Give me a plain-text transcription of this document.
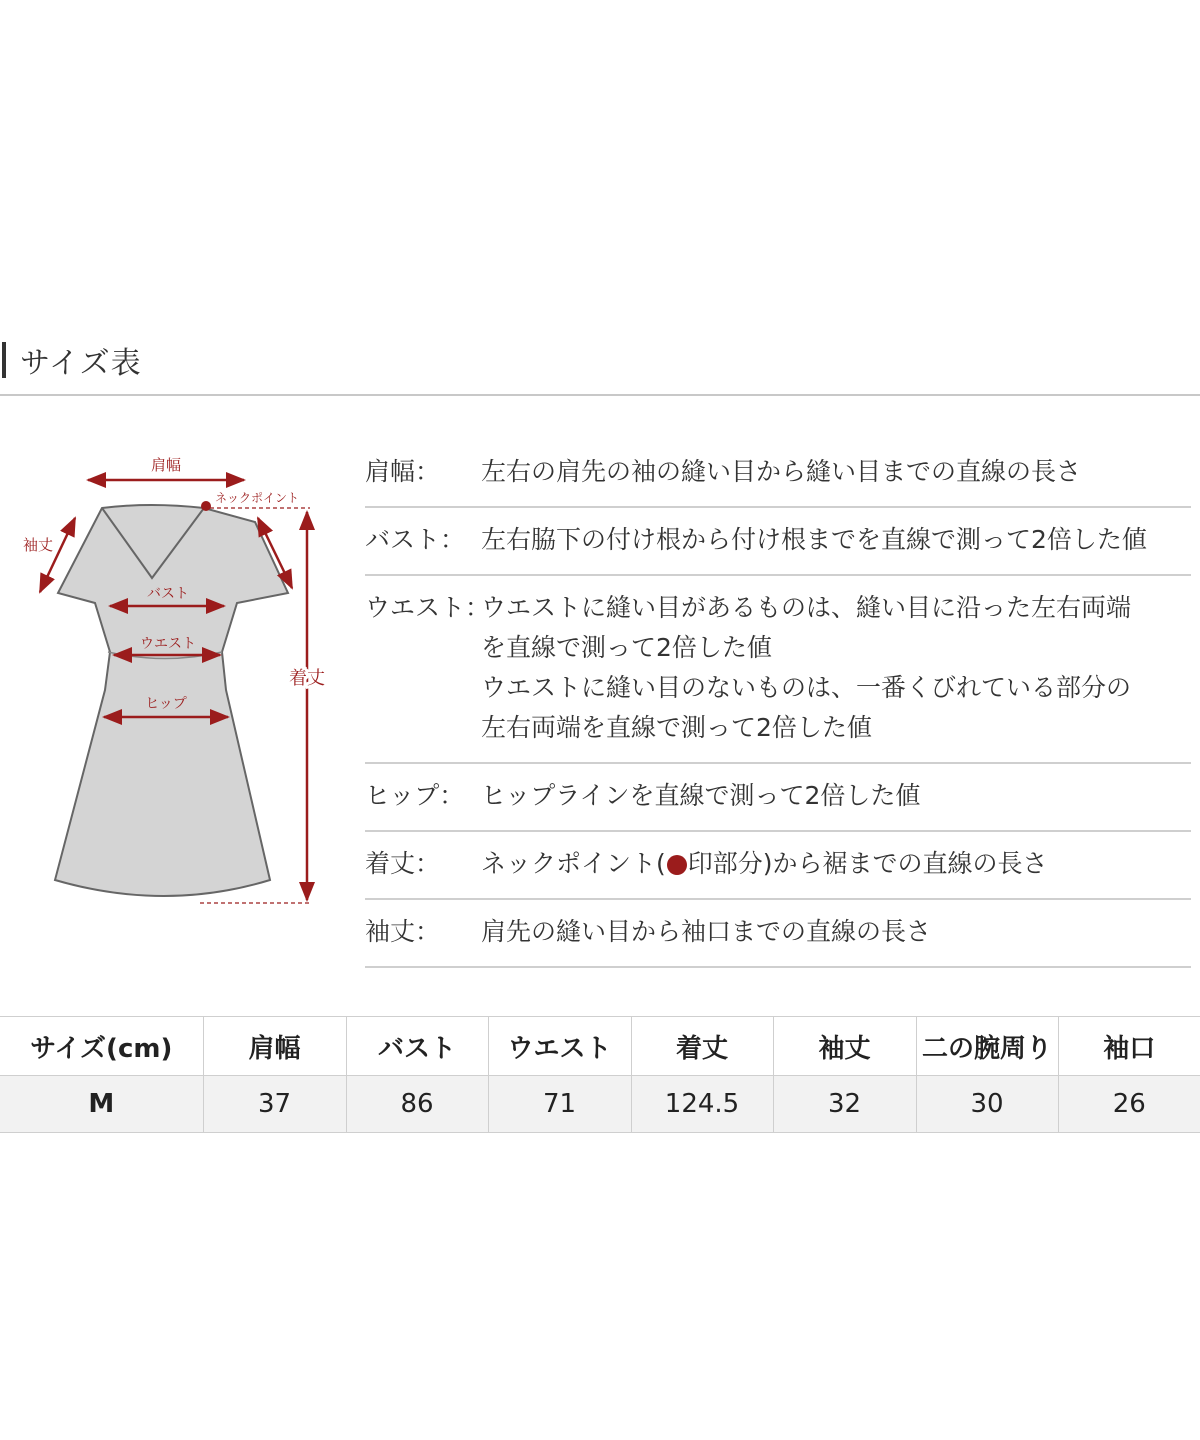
サイズ表
肩幅
ネックポイント
着丈
袖丈
バスト
ウエスト
ヒップ
肩幅：	左右の肩先の袖の縫い目から縫い目までの直線の長さ
バスト： 左右脇下の付け根から付け根までを直線で測って2倍した値
ウエスト：
ウエストに縫い目があるものは、縫い目に沿った左右両端
を直線で測って2倍した値
ウエストに縫い目のないものは、一番くびれている部分の
左右両端を直線で測って2倍した値
ヒップ： ヒップラインを直線で測って2倍した値
着丈：	ネックポイント( 印部分)から裾までの直線の長さ
袖丈：	肩先の縫い目から袖口までの直線の長さ
サイズ(cm)	肩幅	バスト	ウエスト	着丈	袖丈	二の腕周り	袖口
M	37	86	71	124.5	32	30	26
